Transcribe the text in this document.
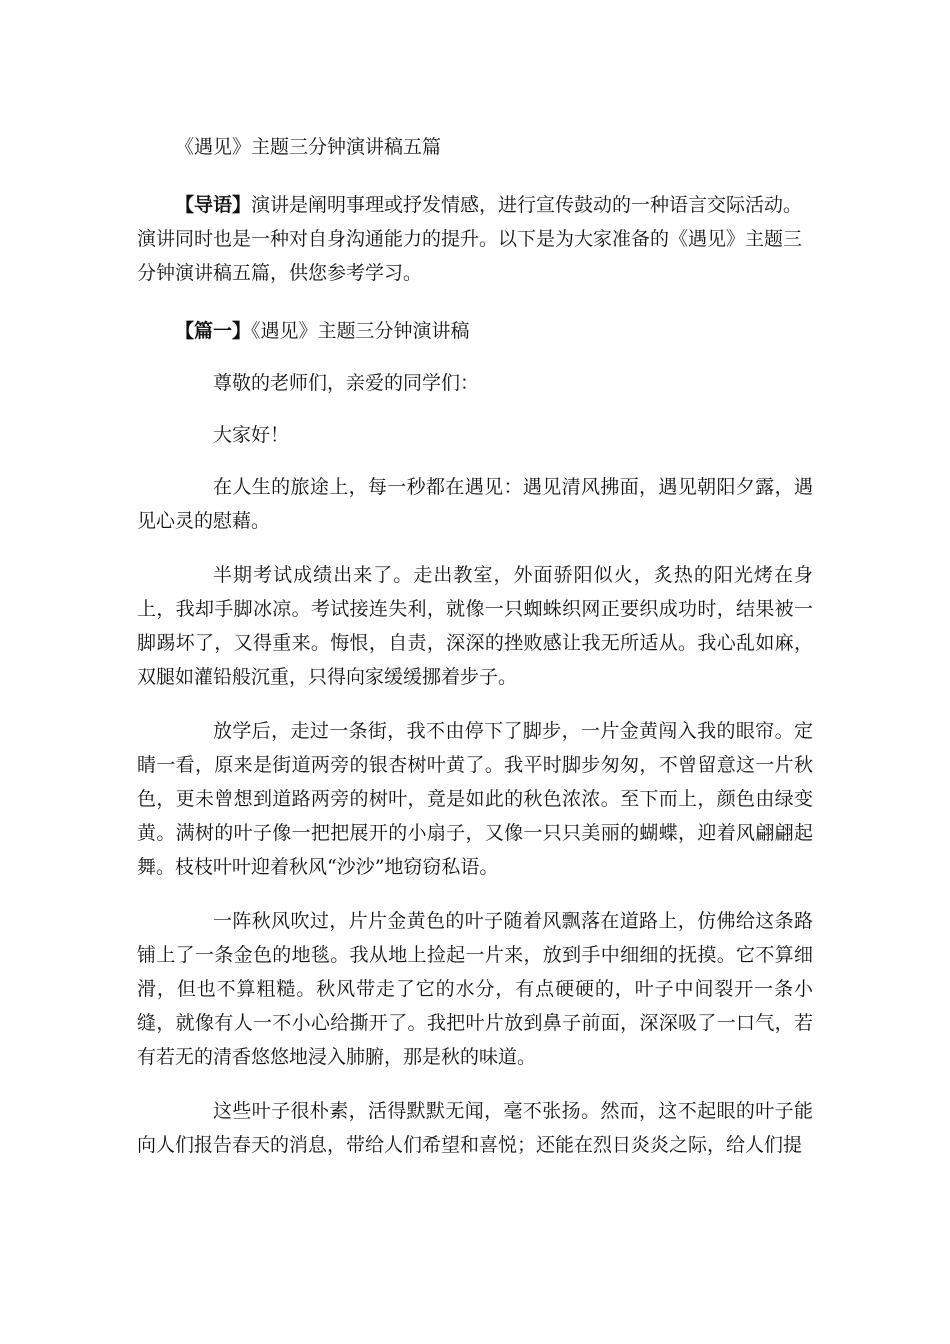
《遇见》主题三分钟演讲稿五篇

【导语】演讲是阐明事理或抒发情感，进行宣传鼓动的一种语言交际活动。演讲同时也是一种对自身沟通能力的提升。以下是为大家准备的《遇见》主题三分钟演讲稿五篇，供您参考学习。

【篇一】《遇见》主题三分钟演讲稿
尊敬的老师们，亲爱的同学们：
大家好！

在人生的旅途上，每一秒都在遇见：遇见清风拂面，遇见朝阳夕露，遇见心灵的慰藉。

半期考试成绩出来了。走出教室，外面骄阳似火，炙热的阳光烤在身上，我却手脚冰凉。考试接连失利，就像一只蜘蛛织网正要织成功时，结果被一脚踢坏了，又得重来。悔恨，自责，深深的挫败感让我无所适从。我心乱如麻，双腿如灌铅般沉重，只得向家缓缓挪着步子。

放学后，走过一条街，我不由停下了脚步，一片金黄闯入我的眼帘。定睛一看，原来是街道两旁的银杏树叶黄了。我平时脚步匆匆，不曾留意这一片秋色，更未曾想到道路两旁的树叶，竟是如此的秋色浓浓。至下而上，颜色由绿变黄。满树的叶子像一把把展开的小扇子，又像一只只美丽的蝴蝶，迎着风翩翩起舞。枝枝叶叶迎着秋风“沙沙”地窃窃私语。

一阵秋风吹过，片片金黄色的叶子随着风飘落在道路上，仿佛给这条路铺上了一条金色的地毯。我从地上捡起一片来，放到手中细细的抚摸。它不算细滑，但也不算粗糙。秋风带走了它的水分，有点硬硬的，叶子中间裂开一条小缝，就像有人一不小心给撕开了。我把叶片放到鼻子前面，深深吸了一口气，若有若无的清香悠悠地浸入肺腑，那是秋的味道。

这些叶子很朴素，活得默默无闻，毫不张扬。然而，这不起眼的叶子能向人们报告春天的消息，带给人们希望和喜悦；还能在烈日炎炎之际，给人们提
